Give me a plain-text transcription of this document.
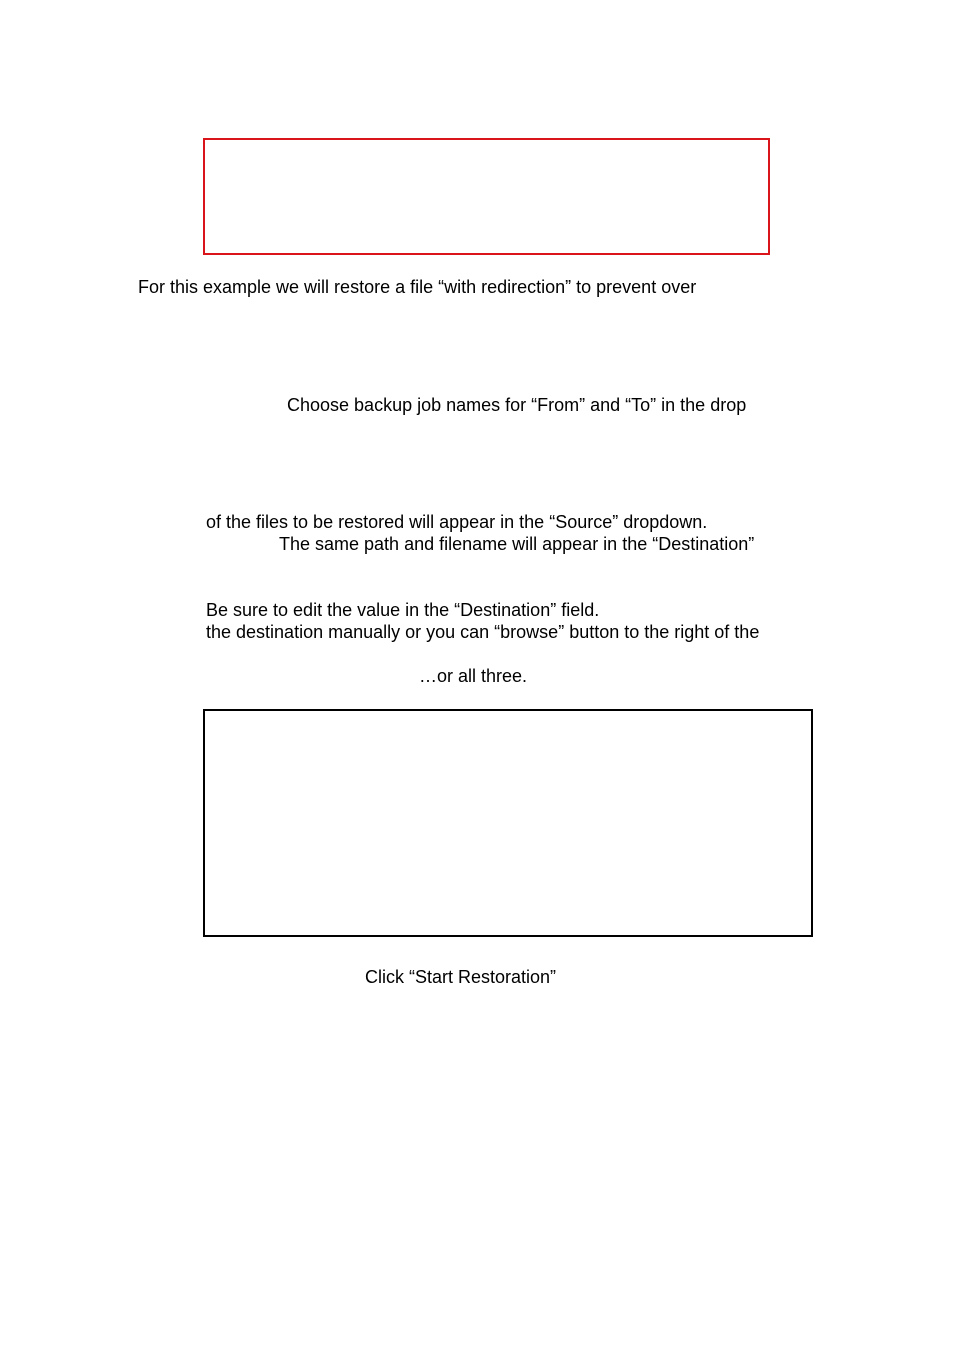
For this example we will restore a file “with redirection” to prevent over
Choose backup job names for “From” and “To” in the drop
of the files to be restored will appear in the “Source” dropdown.
The same path and filename will appear in the “Destination”
Be sure to edit the value in the “Destination” field.
the destination manually or you can “browse” button to the right of the
…or all three.
Click “Start Restoration”
